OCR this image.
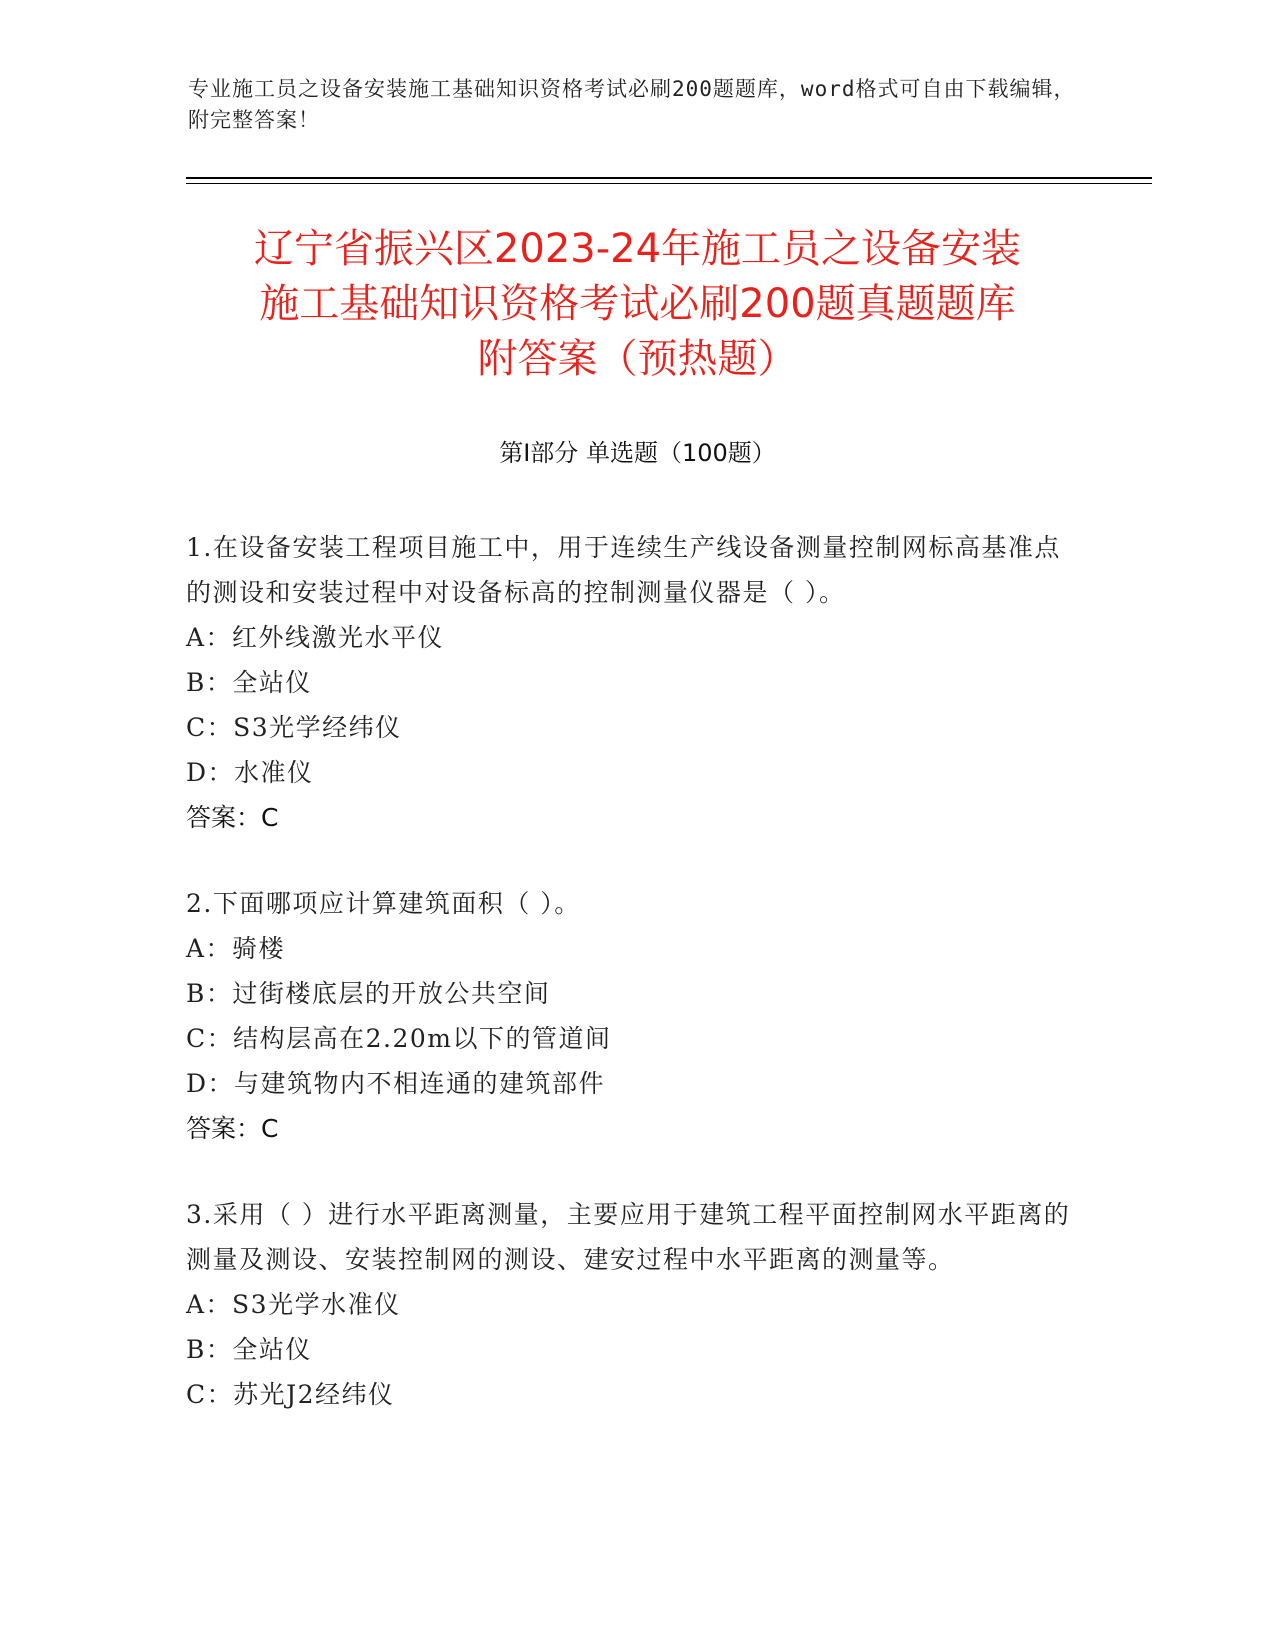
专业施工员之设备安装施工基础知识资格考试必刷200题题库，word格式可自由下载编辑，附完整答案！
辽宁省振兴区2023-24年施工员之设备安装
施工基础知识资格考试必刷200题真题题库
附答案（预热题）
第Ⅰ部分 单选题（100题）
1.在设备安装工程项目施工中，用于连续生产线设备测量控制网标高基准点的测设和安装过程中对设备标高的控制测量仪器是（ ）。
A：红外线激光水平仪
B：全站仪
C：S3光学经纬仪
D：水准仪
答案：C
2.下面哪项应计算建筑面积（ ）。
A：骑楼
B：过街楼底层的开放公共空间
C：结构层高在2.20m以下的管道间
D：与建筑物内不相连通的建筑部件
答案：C
3.采用（ ）进行水平距离测量，主要应用于建筑工程平面控制网水平距离的测量及测设、安装控制网的测设、建安过程中水平距离的测量等。
A：S3光学水准仪
B：全站仪
C：苏光J2经纬仪
